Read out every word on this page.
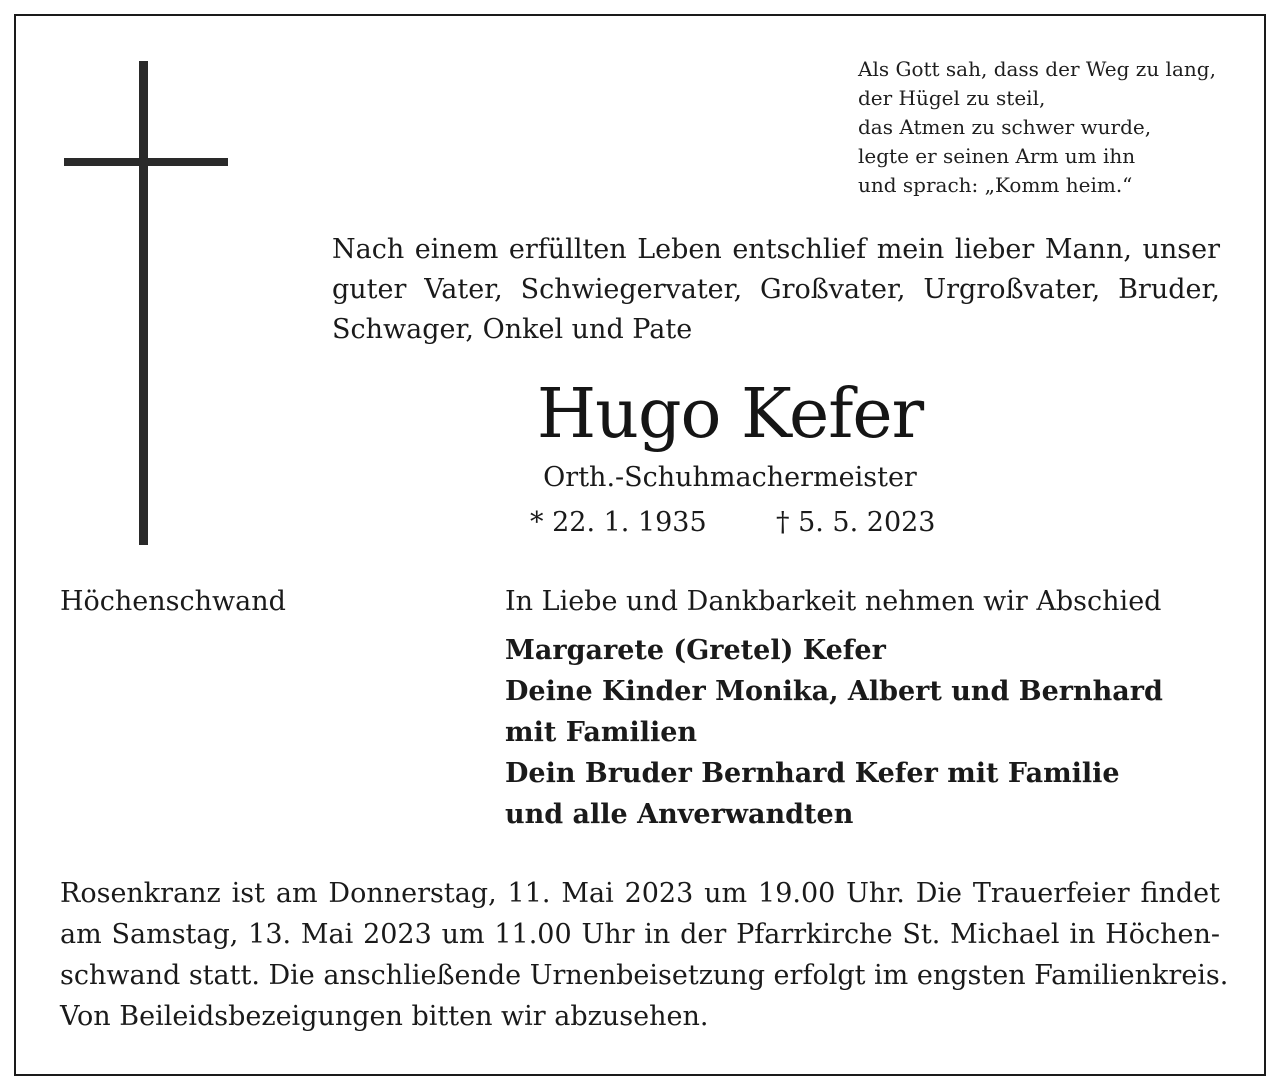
Als Gott sah, dass der Weg zu lang,
der Hügel zu steil,
das Atmen zu schwer wurde,
legte er seinen Arm um ihn
und sprach: „Komm heim.“
Nach einem erfüllten Leben entschlief mein lieber Mann, unser
guter Vater, Schwiegervater, Großvater, Urgroßvater, Bruder,
Schwager, Onkel und Pate
Hugo Kefer
Orth.-Schuhmachermeister
* 22. 1. 1935	† 5. 5. 2023
Höchenschwand	In Liebe und Dankbarkeit nehmen wir Abschied
Margarete (Gretel) Kefer
Deine Kinder Monika, Albert und Bernhard
mit Familien
Dein Bruder Bernhard Kefer mit Familie
und alle Anverwandten
Rosenkranz ist am Donnerstag, 11. Mai 2023 um 19.00 Uhr. Die Trauerfeier findet
am Samstag, 13. Mai 2023 um 11.00 Uhr in der Pfarrkirche St. Michael in Höchen-
schwand statt. Die anschließende Urnenbeisetzung erfolgt im engsten Familienkreis.
Von Beileidsbezeigungen bitten wir abzusehen.
